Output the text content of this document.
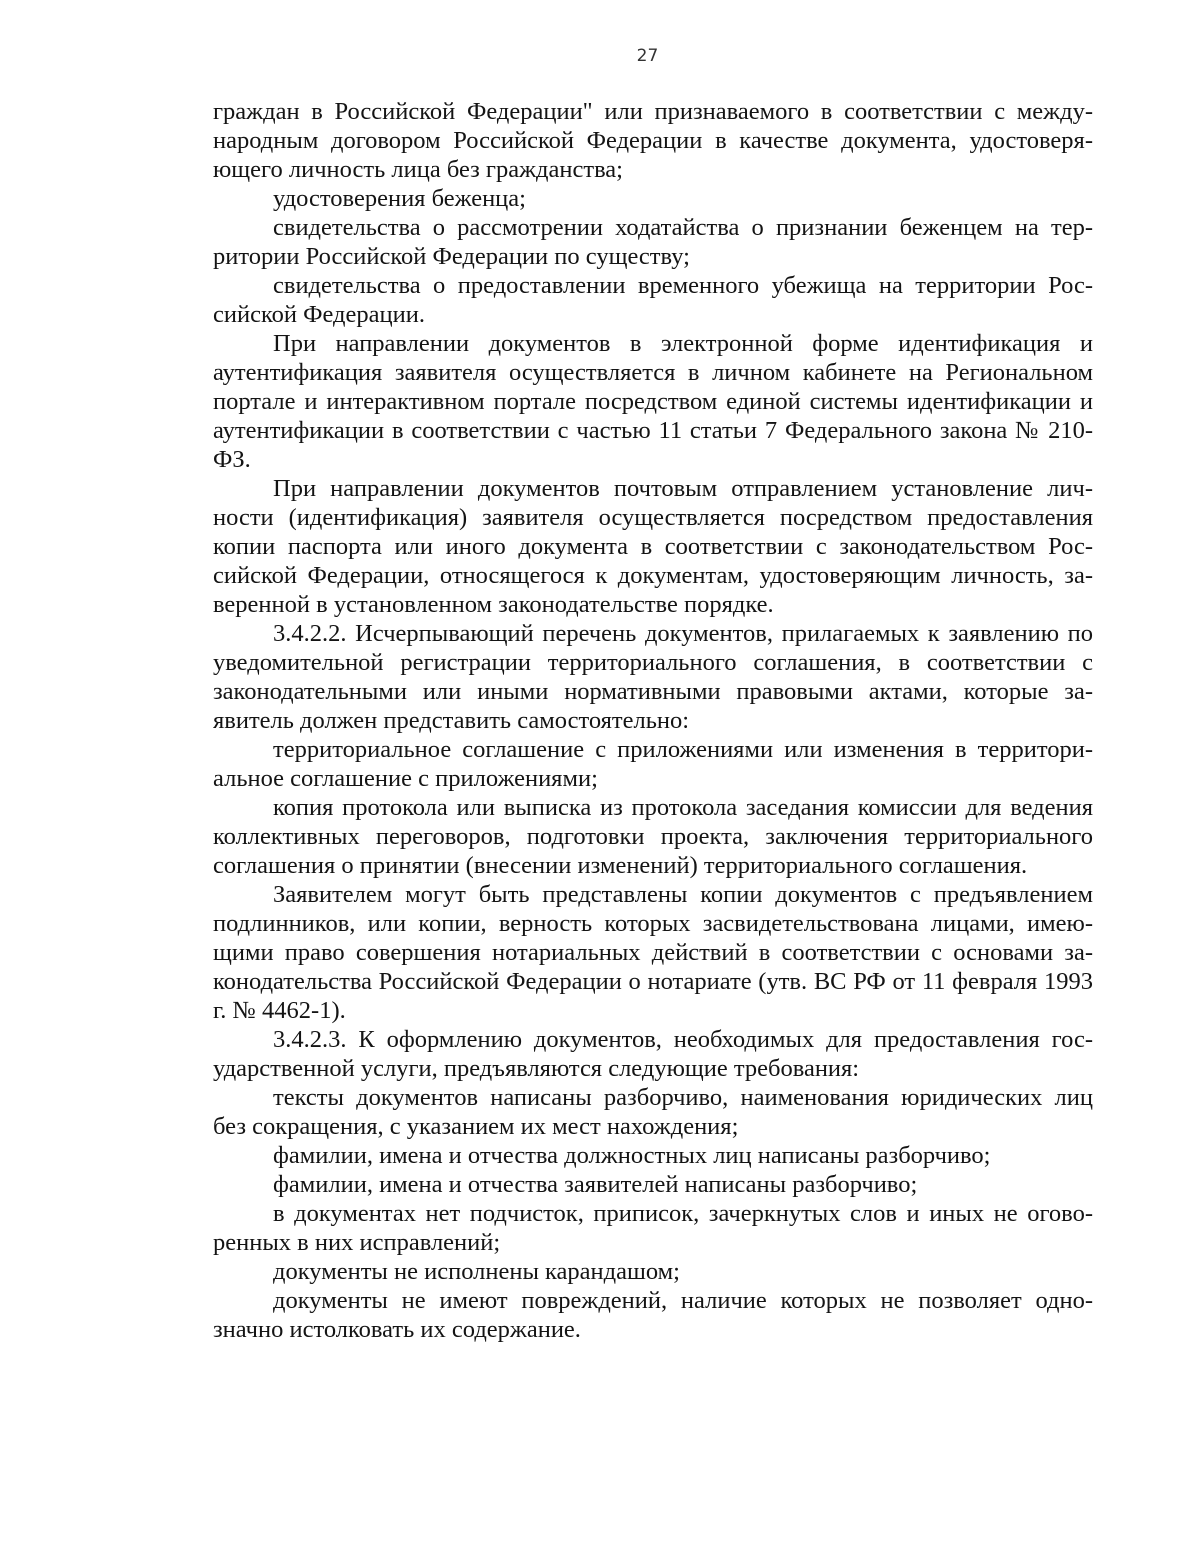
27

граждан в Российской Федерации" или признаваемого в соответствии с международным договором Российской Федерации в качестве документа, удостоверяющего личность лица без гражданства;

удостоверения беженца;

свидетельства о рассмотрении ходатайства о признании беженцем на территории Российской Федерации по существу;

свидетельства о предоставлении временного убежища на территории Российской Федерации.

При направлении документов в электронной форме идентификация и аутентификация заявителя осуществляется в личном кабинете на Региональном портале и интерактивном портале посредством единой системы идентификации и аутентификации в соответствии с частью 11 статьи 7 Федерального закона № 210-ФЗ.

При направлении документов почтовым отправлением установление личности (идентификация) заявителя осуществляется посредством предоставления копии паспорта или иного документа в соответствии с законодательством Российской Федерации, относящегося к документам, удостоверяющим личность, заверенной в установленном законодательстве порядке.

3.4.2.2. Исчерпывающий перечень документов, прилагаемых к заявлению по уведомительной регистрации территориального соглашения, в соответствии с законодательными или иными нормативными правовыми актами, которые заявитель должен представить самостоятельно:

территориальное соглашение с приложениями или изменения в территориальное соглашение с приложениями;

копия протокола или выписка из протокола заседания комиссии для ведения коллективных переговоров, подготовки проекта, заключения территориального соглашения о принятии (внесении изменений) территориального соглашения.

Заявителем могут быть представлены копии документов с предъявлением подлинников, или копии, верность которых засвидетельствована лицами, имеющими право совершения нотариальных действий в соответствии с основами законодательства Российской Федерации о нотариате (утв. ВС РФ от 11 февраля 1993 г. № 4462-1).

3.4.2.3. К оформлению документов, необходимых для предоставления государственной услуги, предъявляются следующие требования:

тексты документов написаны разборчиво, наименования юридических лиц без сокращения, с указанием их мест нахождения;

фамилии, имена и отчества должностных лиц написаны разборчиво;

фамилии, имена и отчества заявителей написаны разборчиво;

в документах нет подчисток, приписок, зачеркнутых слов и иных не оговоренных в них исправлений;

документы не исполнены карандашом;

документы не имеют повреждений, наличие которых не позволяет однозначно истолковать их содержание.
